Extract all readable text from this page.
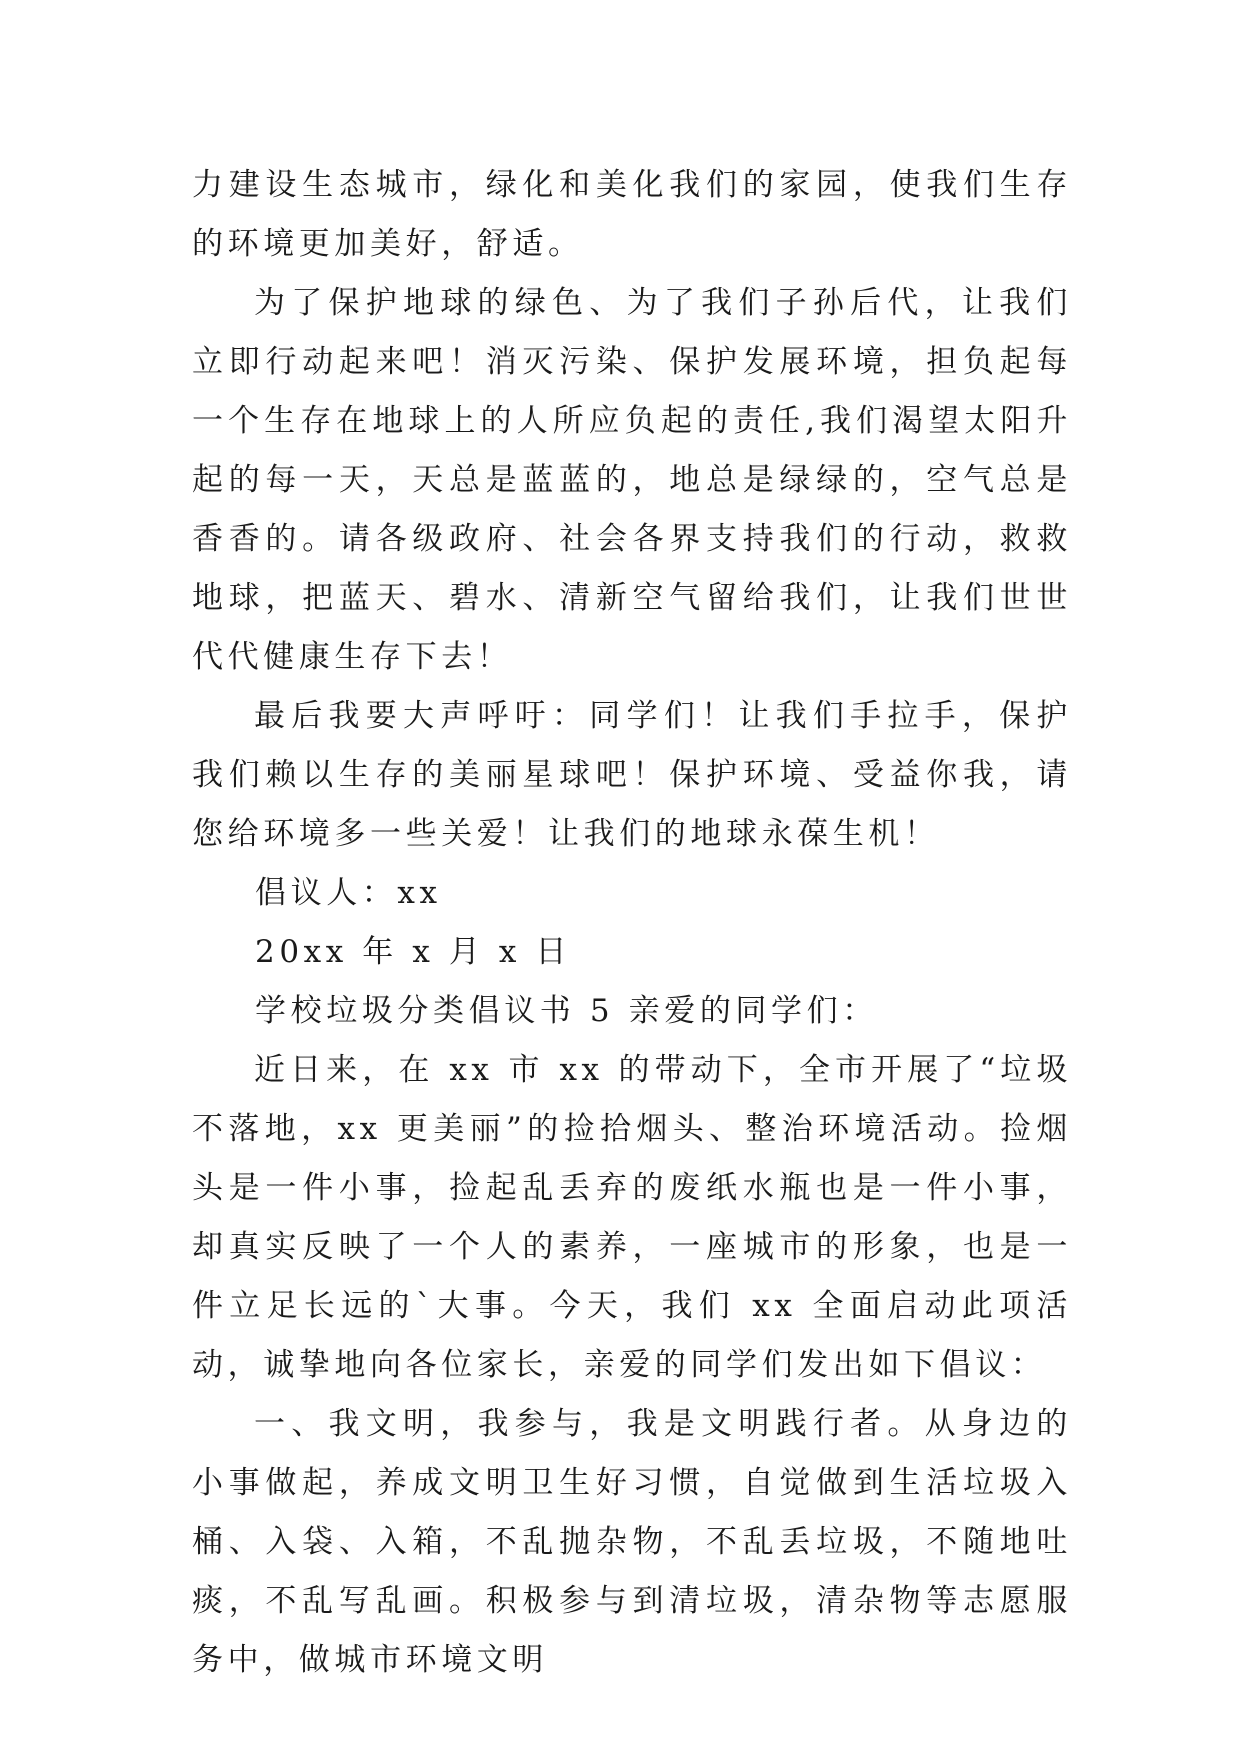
力建设生态城市，绿化和美化我们的家园，使我们生存的环境更加美好，舒适。

为了保护地球的绿色、为了我们子孙后代，让我们立即行动起来吧！消灭污染、保护发展环境，担负起每一个生存在地球上的人所应负起的责任,我们渴望太阳升起的每一天，天总是蓝蓝的，地总是绿绿的，空气总是香香的。请各级政府、社会各界支持我们的行动，救救地球，把蓝天、碧水、清新空气留给我们，让我们世世代代健康生存下去！

最后我要大声呼吁：同学们！让我们手拉手，保护我们赖以生存的美丽星球吧！保护环境、受益你我，请您给环境多一些关爱！让我们的地球永葆生机！

倡议人：xx

20xx 年 x 月 x 日

学校垃圾分类倡议书 5 亲爱的同学们：

近日来，在 xx 市 xx 的带动下，全市开展了“垃圾不落地，xx 更美丽”的捡拾烟头、整治环境活动。捡烟头是一件小事，捡起乱丢弃的废纸水瓶也是一件小事，却真实反映了一个人的素养，一座城市的形象，也是一件立足长远的`大事。今天，我们 xx 全面启动此项活动，诚挚地向各位家长，亲爱的同学们发出如下倡议：

一、我文明，我参与，我是文明践行者。从身边的小事做起，养成文明卫生好习惯，自觉做到生活垃圾入桶、入袋、入箱，不乱抛杂物，不乱丢垃圾，不随地吐痰，不乱写乱画。积极参与到清垃圾，清杂物等志愿服务中，做城市环境文明
